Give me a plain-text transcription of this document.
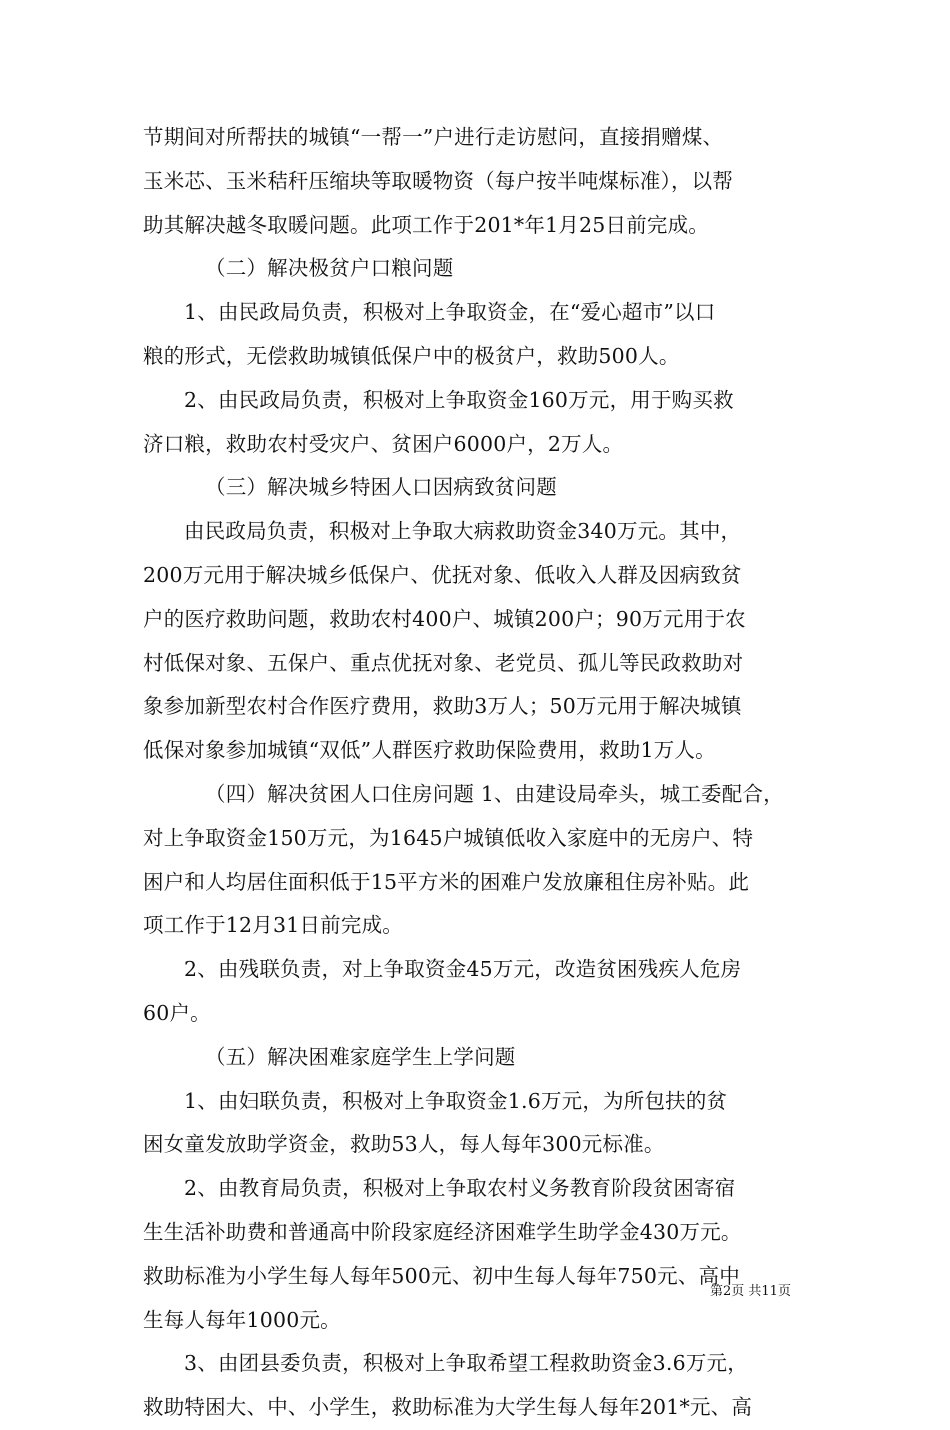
节期间对所帮扶的城镇“一帮一”户进行走访慰问，直接捐赠煤、
玉米芯、玉米秸秆压缩块等取暖物资（每户按半吨煤标准），以帮
助其解决越冬取暖问题。此项工作于201*年1月25日前完成。
（二）解决极贫户口粮问题
1、由民政局负责，积极对上争取资金，在“爱心超市”以口
粮的形式，无偿救助城镇低保户中的极贫户，救助500人。
2、由民政局负责，积极对上争取资金160万元，用于购买救
济口粮，救助农村受灾户、贫困户6000户，2万人。
（三）解决城乡特困人口因病致贫问题
由民政局负责，积极对上争取大病救助资金340万元。其中，
200万元用于解决城乡低保户、优抚对象、低收入人群及因病致贫
户的医疗救助问题，救助农村400户、城镇200户；90万元用于农
村低保对象、五保户、重点优抚对象、老党员、孤儿等民政救助对
象参加新型农村合作医疗费用，救助3万人；50万元用于解决城镇
低保对象参加城镇“双低”人群医疗救助保险费用，救助1万人。
（四）解决贫困人口住房问题 1、由建设局牵头，城工委配合，
对上争取资金150万元，为1645户城镇低收入家庭中的无房户、特
困户和人均居住面积低于15平方米的困难户发放廉租住房补贴。此
项工作于12月31日前完成。
2、由残联负责，对上争取资金45万元，改造贫困残疾人危房
60户。
（五）解决困难家庭学生上学问题
1、由妇联负责，积极对上争取资金1.6万元，为所包扶的贫
困女童发放助学资金，救助53人，每人每年300元标准。
2、由教育局负责，积极对上争取农村义务教育阶段贫困寄宿
生生活补助费和普通高中阶段家庭经济困难学生助学金430万元。
救助标准为小学生每人每年500元、初中生每人每年750元、高中
生每人每年1000元。
3、由团县委负责，积极对上争取希望工程救助资金3.6万元，
救助特困大、中、小学生，救助标准为大学生每人每年201*元、高
第2页 共11页
